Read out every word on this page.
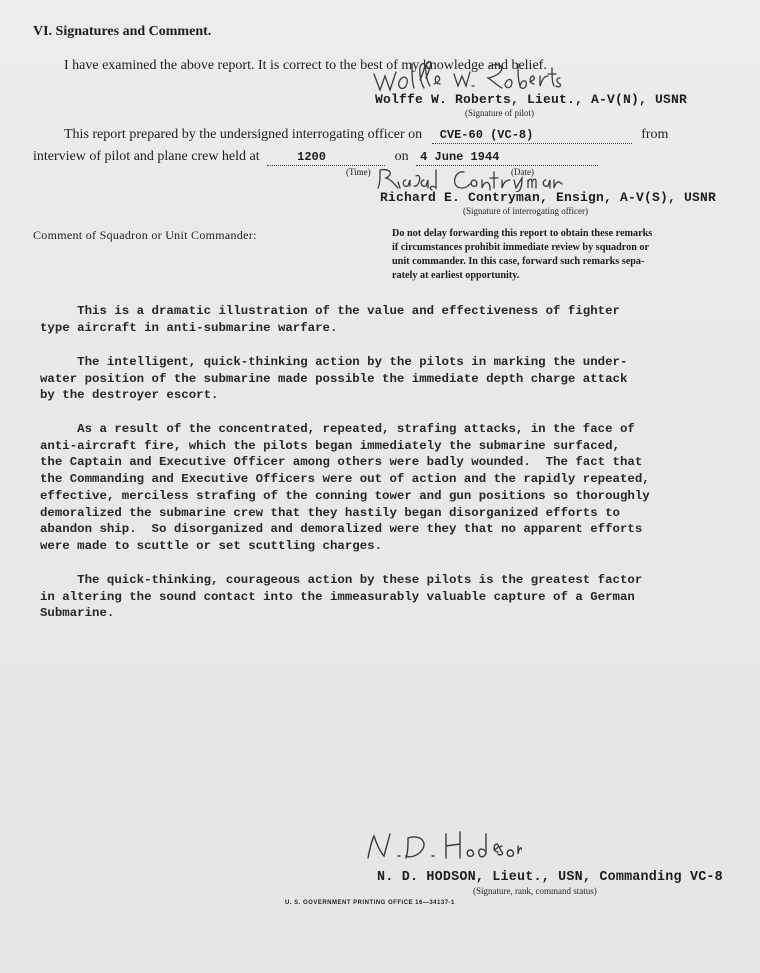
VI. Signatures and Comment.
I have examined the above report. It is correct to the best of my knowledge and belief.
Wolffe W. Roberts, Lieut., A-V(N), USNR
(Signature of pilot)
This report prepared by the undersigned interrogating officer on CVE-60 (VC-8)	from
interview of pilot and plane crew held at	1200	on 4 June 1944
(Time)	(Date)
Richard E. Contryman, Ensign, A-V(S), USNR
(Signature of interrogating officer)
Comment of Squadron or Unit Commander:	Do not delay forwarding this report to obtain these remarks
if circumstances prohibit immediate review by squadron or
unit commander. In this case, forward such remarks sepa-
rately at earliest opportunity.
This is a dramatic illustration of the value and effectiveness of fighter
type aircraft in anti-submarine warfare.
The intelligent, quick-thinking action by the pilots in marking the under-
water position of the submarine made possible the immediate depth charge attack
by the destroyer escort.
As a result of the concentrated, repeated, strafing attacks, in the face of
anti-aircraft fire, which the pilots began immediately the submarine surfaced,
the Captain and Executive Officer among others were badly wounded.  The fact that
the Commanding and Executive Officers were out of action and the rapidly repeated,
effective, merciless strafing of the conning tower and gun positions so thoroughly
demoralized the submarine crew that they hastily began disorganized efforts to
abandon ship.  So disorganized and demoralized were they that no apparent efforts
were made to scuttle or set scuttling charges.
The quick-thinking, courageous action by these pilots is the greatest factor
in altering the sound contact into the immeasurably valuable capture of a German
Submarine.
N. D. HODSON, Lieut., USN, Commanding VC-8
(Signature, rank, command status)
U. S. GOVERNMENT PRINTING OFFICE 16—34137-1
